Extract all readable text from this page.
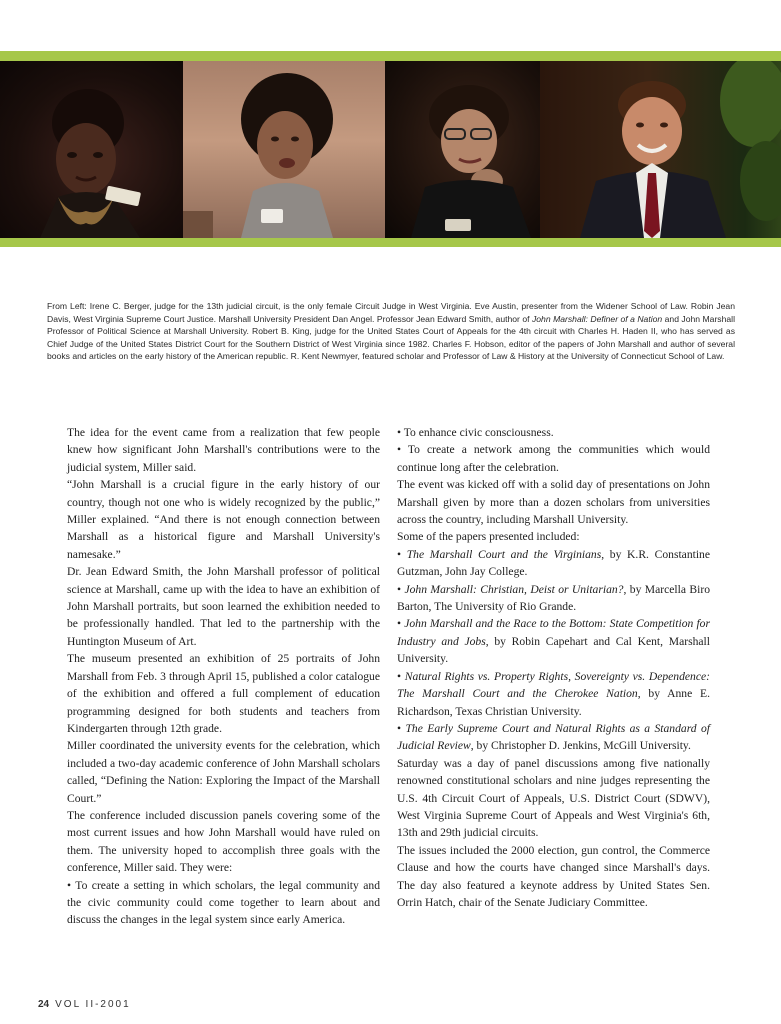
From Left: Irene C. Berger, judge for the 13th judicial circuit, is the only female Circuit Judge in West Virginia. Eve Austin, presenter from the Widener School of Law. Robin Jean Davis, West Virginia Supreme Court Justice. Marshall University President Dan Angel. Professor Jean Edward Smith, author of John Marshall: Definer of a Nation and John Marshall Professor of Political Science at Marshall University. Robert B. King, judge for the United States Court of Appeals for the 4th circuit with Charles H. Haden II, who has served as Chief Judge of the United States District Court for the Southern District of West Virginia since 1982. Charles F. Hobson, editor of the papers of John Marshall and author of several books and articles on the early history of the American republic. R. Kent Newmyer, featured scholar and Professor of Law & History at the University of Connecticut School of Law.

The idea for the event came from a realization that few people knew how significant John Marshall's contributions were to the judicial system, Miller said.

“John Marshall is a crucial figure in the early history of our country, though not one who is widely recognized by the public,” Miller explained. “And there is not enough connection between Marshall as a historical figure and Marshall University's namesake.”

Dr. Jean Edward Smith, the John Marshall professor of political science at Marshall, came up with the idea to have an exhibition of John Marshall portraits, but soon learned the exhibition needed to be professionally handled. That led to the partnership with the Huntington Museum of Art.

The museum presented an exhibition of 25 portraits of John Marshall from Feb. 3 through April 15, published a color catalogue of the exhibition and offered a full complement of education programming designed for both students and teachers from Kindergarten through 12th grade.

Miller coordinated the university events for the celebration, which included a two-day academic conference of John Marshall scholars called, “Defining the Nation: Exploring the Impact of the Marshall Court.”

The conference included discussion panels covering some of the most current issues and how John Marshall would have ruled on them. The university hoped to accomplish three goals with the conference, Miller said. They were:

• To create a setting in which scholars, the legal community and the civic community could come together to learn about and discuss the changes in the legal system since early America.

• To enhance civic consciousness.

• To create a network among the communities which would continue long after the celebration.

The event was kicked off with a solid day of presentations on John Marshall given by more than a dozen scholars from universities across the country, including Marshall University.

Some of the papers presented included:

• The Marshall Court and the Virginians, by K.R. Constantine Gutzman, John Jay College.

• John Marshall: Christian, Deist or Unitarian?, by Marcella Biro Barton, The University of Rio Grande.

• John Marshall and the Race to the Bottom: State Competition for Industry and Jobs, by Robin Capehart and Cal Kent, Marshall University.

• Natural Rights vs. Property Rights, Sovereignty vs. Dependence: The Marshall Court and the Cherokee Nation, by Anne E. Richardson, Texas Christian University.

• The Early Supreme Court and Natural Rights as a Standard of Judicial Review, by Christopher D. Jenkins, McGill University.

Saturday was a day of panel discussions among five nationally renowned constitutional scholars and nine judges representing the U.S. 4th Circuit Court of Appeals, U.S. District Court (SDWV), West Virginia Supreme Court of Appeals and West Virginia's 6th, 13th and 29th judicial circuits.

The issues included the 2000 election, gun control, the Commerce Clause and how the courts have changed since Marshall's days. The day also featured a keynote address by United States Sen. Orrin Hatch, chair of the Senate Judiciary Committee.

24 VOL II-2001
